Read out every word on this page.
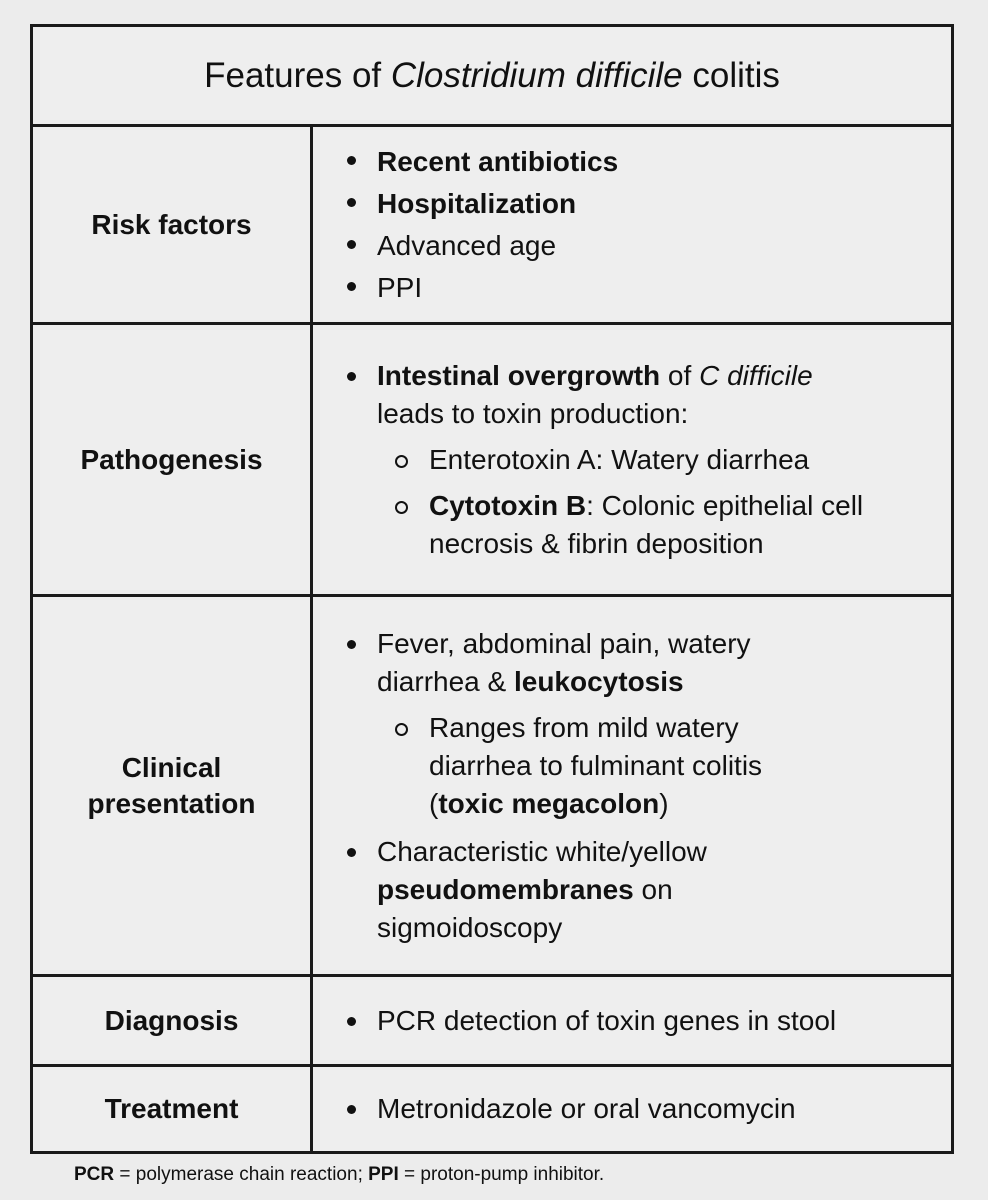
Features of Clostridium difficile colitis
Risk factors
Recent antibiotics
Hospitalization
Advanced age
PPI
Pathogenesis
Intestinal overgrowth of C difficile
leads to toxin production:
Enterotoxin A: Watery diarrhea
Cytotoxin B: Colonic epithelial cell necrosis & fibrin deposition
Clinical
presentation
Fever, abdominal pain, watery diarrhea & leukocytosis
Ranges from mild watery diarrhea to fulminant colitis (toxic megacolon)
Characteristic white/yellow pseudomembranes on sigmoidoscopy
Diagnosis	PCR detection of toxin genes in stool
Treatment	Metronidazole or oral vancomycin
PCR = polymerase chain reaction; PPI = proton-pump inhibitor.
